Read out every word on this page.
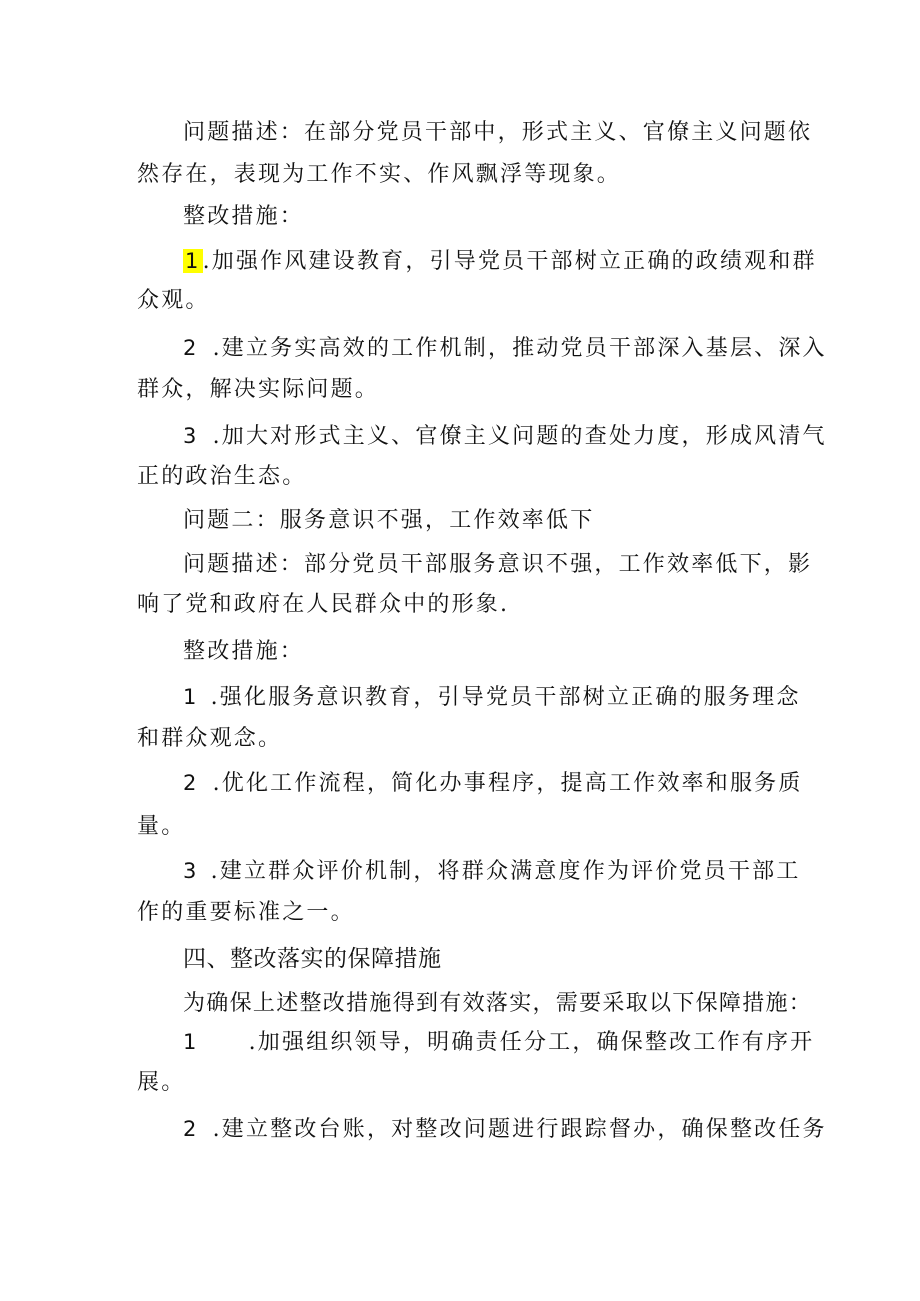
问题描述：在部分党员干部中，形式主义、官僚主义问题依
然存在，表现为工作不实、作风飘浮等现象。
整改措施：
1.加强作风建设教育，引导党员干部树立正确的政绩观和群
众观。
2 .建立务实高效的工作机制，推动党员干部深入基层、深入
群众，解决实际问题。
3 .加大对形式主义、官僚主义问题的查处力度，形成风清气
正的政治生态。
问题二：服务意识不强，工作效率低下
问题描述：部分党员干部服务意识不强，工作效率低下，影
响了党和政府在人民群众中的形象.
整改措施：
1 .强化服务意识教育，引导党员干部树立正确的服务理念
和群众观念。
2 .优化工作流程，简化办事程序，提高工作效率和服务质
量。
3 .建立群众评价机制，将群众满意度作为评价党员干部工
作的重要标准之一。
四、整改落实的保障措施
为确保上述整改措施得到有效落实，需要采取以下保障措施：
1 .加强组织领导，明确责任分工，确保整改工作有序开
展。
2 .建立整改台账，对整改问题进行跟踪督办，确保整改任务
